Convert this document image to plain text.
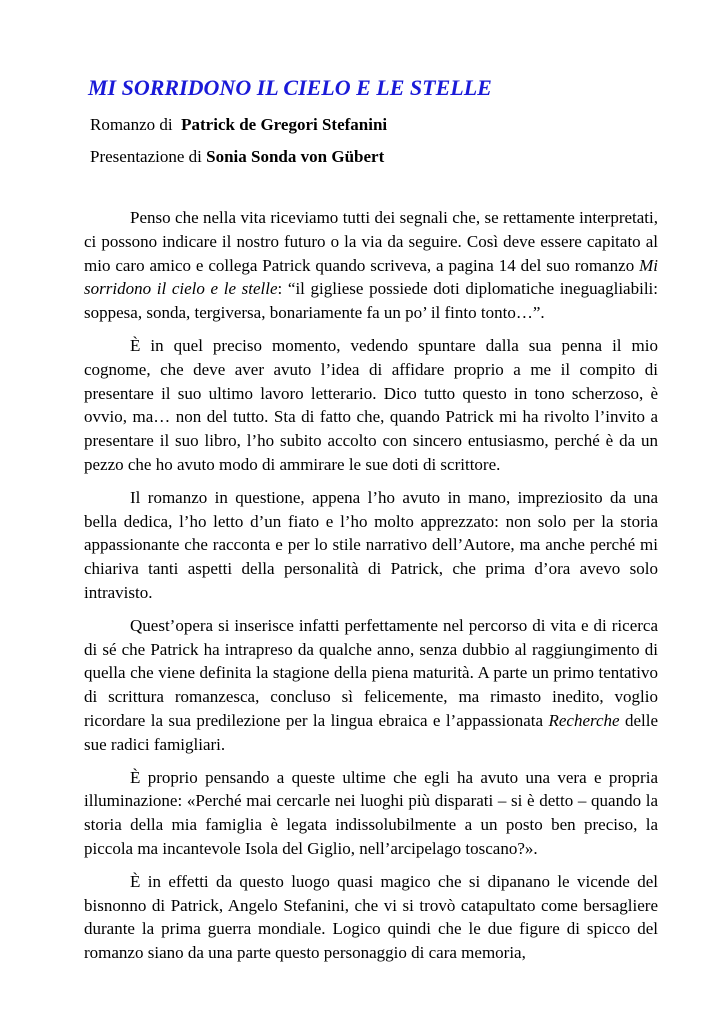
MI SORRIDONO IL CIELO E LE STELLE

Romanzo di Patrick de Gregori Stefanini

Presentazione di Sonia Sonda von Gübert

Penso che nella vita riceviamo tutti dei segnali che, se rettamente interpretati, ci possono indicare il nostro futuro o la via da seguire. Così deve essere capitato al mio caro amico e collega Patrick quando scriveva, a pagina 14 del suo romanzo Mi sorridono il cielo e le stelle: “il gigliese possiede doti diplomatiche ineguagliabili: soppesa, sonda, tergiversa, bonariamente fa un po’ il finto tonto…”.

È in quel preciso momento, vedendo spuntare dalla sua penna il mio cognome, che deve aver avuto l’idea di affidare proprio a me il compito di presentare il suo ultimo lavoro letterario. Dico tutto questo in tono scherzoso, è ovvio, ma… non del tutto. Sta di fatto che, quando Patrick mi ha rivolto l’invito a presentare il suo libro, l’ho subito accolto con sincero entusiasmo, perché è da un pezzo che ho avuto modo di ammirare le sue doti di scrittore.

Il romanzo in questione, appena l’ho avuto in mano, impreziosito da una bella dedica, l’ho letto d’un fiato e l’ho molto apprezzato: non solo per la storia appassionante che racconta e per lo stile narrativo dell’Autore, ma anche perché mi chiariva tanti aspetti della personalità di Patrick, che prima d’ora avevo solo intravisto.

Quest’opera si inserisce infatti perfettamente nel percorso di vita e di ricerca di sé che Patrick ha intrapreso da qualche anno, senza dubbio al raggiungimento di quella che viene definita la stagione della piena maturità. A parte un primo tentativo di scrittura romanzesca, concluso sì felicemente, ma rimasto inedito, voglio ricordare la sua predilezione per la lingua ebraica e l’appassionata Recherche delle sue radici famigliari.

È proprio pensando a queste ultime che egli ha avuto una vera e propria illuminazione: «Perché mai cercarle nei luoghi più disparati – si è detto – quando la storia della mia famiglia è legata indissolubilmente a un posto ben preciso, la piccola ma incantevole Isola del Giglio, nell’arcipelago toscano?».

È in effetti da questo luogo quasi magico che si dipanano le vicende del bisnonno di Patrick, Angelo Stefanini, che vi si trovò catapultato come bersagliere durante la prima guerra mondiale. Logico quindi che le due figure di spicco del romanzo siano da una parte questo personaggio di cara memoria,
